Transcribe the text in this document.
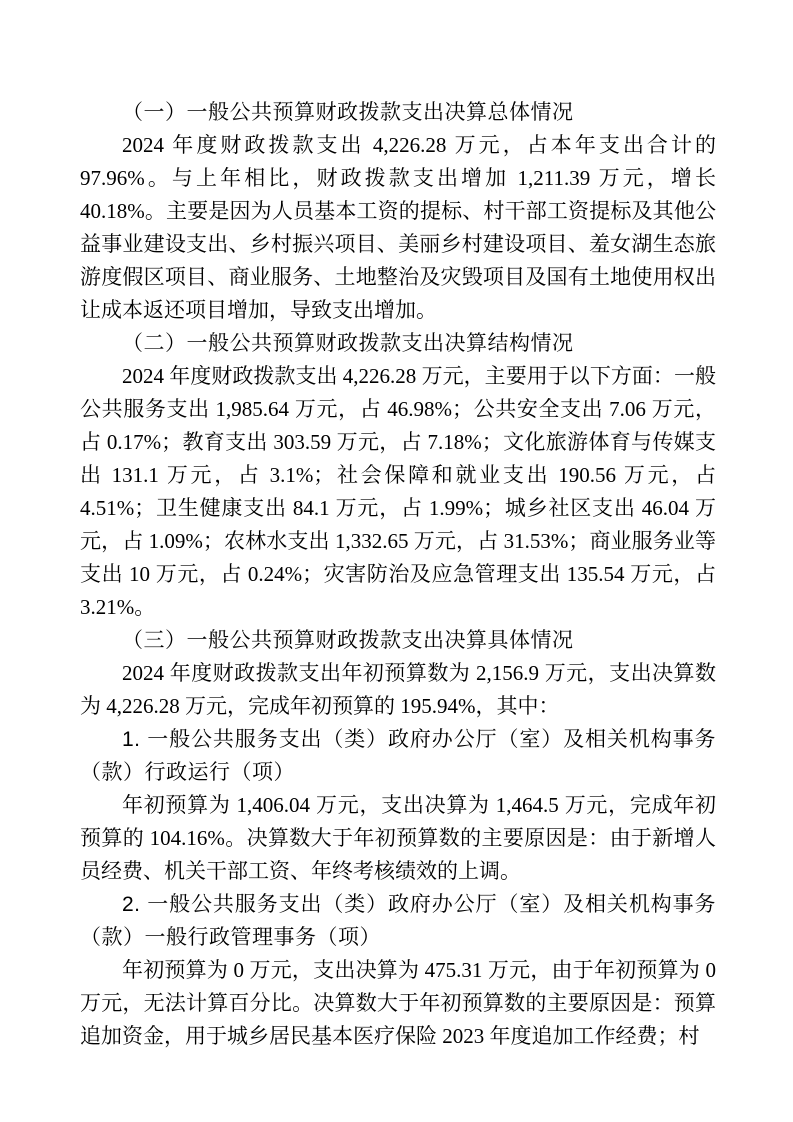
（一）一般公共预算财政拨款支出决算总体情况

2024 年度财政拨款支出 4,226.28 万元，占本年支出合计的 97.96%。与上年相比，财政拨款支出增加 1,211.39 万元，增长 40.18%。主要是因为人员基本工资的提标、村干部工资提标及其他公益事业建设支出、乡村振兴项目、美丽乡村建设项目、羞女湖生态旅游度假区项目、商业服务、土地整治及灾毁项目及国有土地使用权出让成本返还项目增加，导致支出增加。

（二）一般公共预算财政拨款支出决算结构情况

2024 年度财政拨款支出 4,226.28 万元，主要用于以下方面：一般公共服务支出 1,985.64 万元，占 46.98%；公共安全支出 7.06 万元，占 0.17%；教育支出 303.59 万元，占 7.18%；文化旅游体育与传媒支出 131.1 万元，占 3.1%；社会保障和就业支出 190.56 万元，占 4.51%；卫生健康支出 84.1 万元，占 1.99%；城乡社区支出 46.04 万元，占 1.09%；农林水支出 1,332.65 万元，占 31.53%；商业服务业等支出 10 万元，占 0.24%；灾害防治及应急管理支出 135.54 万元，占 3.21%。

（三）一般公共预算财政拨款支出决算具体情况

2024 年度财政拨款支出年初预算数为 2,156.9 万元，支出决算数为 4,226.28 万元，完成年初预算的 195.94%，其中：

1. 一般公共服务支出（类）政府办公厅（室）及相关机构事务（款）行政运行（项）

年初预算为 1,406.04 万元，支出决算为 1,464.5 万元，完成年初预算的 104.16%。决算数大于年初预算数的主要原因是：由于新增人员经费、机关干部工资、年终考核绩效的上调。

2. 一般公共服务支出（类）政府办公厅（室）及相关机构事务（款）一般行政管理事务（项）

年初预算为 0 万元，支出决算为 475.31 万元，由于年初预算为 0 万元，无法计算百分比。决算数大于年初预算数的主要原因是：预算追加资金，用于城乡居民基本医疗保险 2023 年度追加工作经费；村
